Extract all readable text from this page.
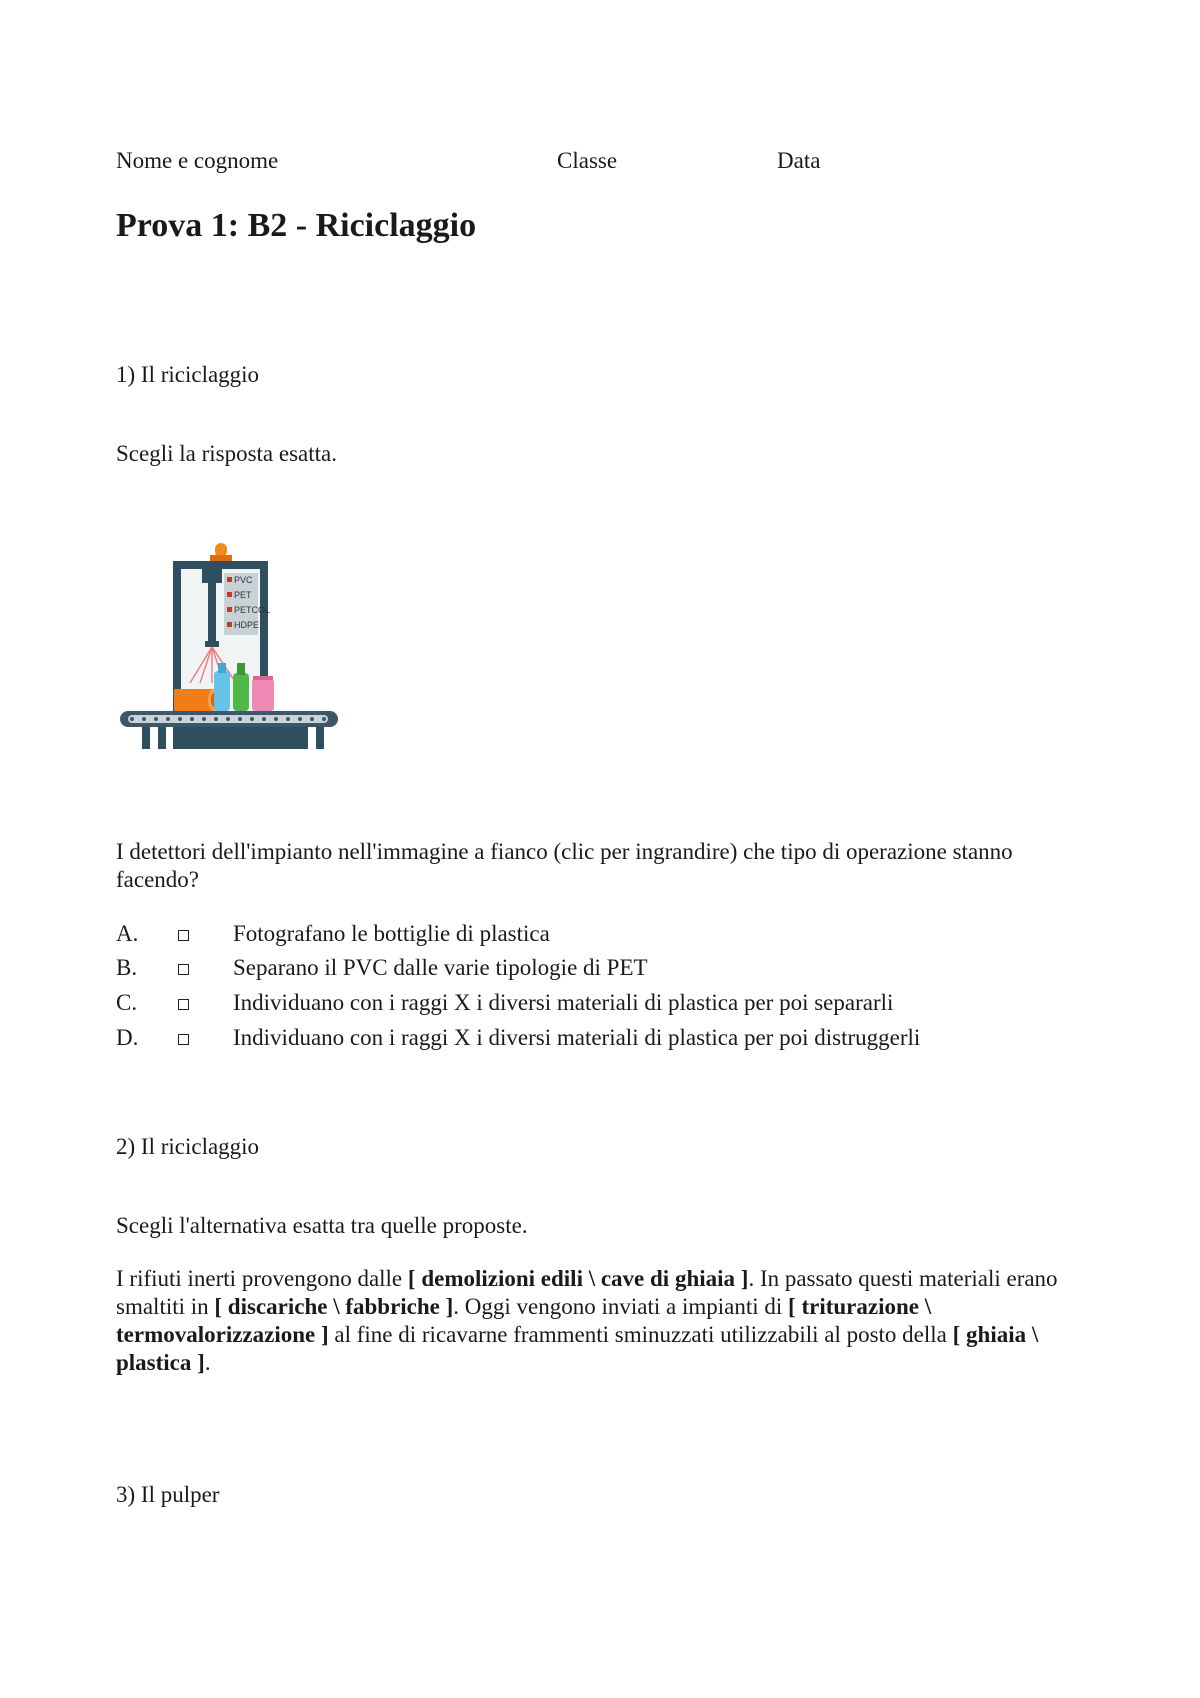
Nome e cognome	Classe	Data
Prova 1: B2 - Riciclaggio
1) Il riciclaggio
Scegli la risposta esatta.
PVC
PET
PETCOL
HDPE
I detettori dell'impianto nell'immagine a fianco (clic per ingrandire) che tipo di operazione stanno facendo?
A.	Fotografano le bottiglie di plastica
B.	Separano il PVC dalle varie tipologie di PET
C.	Individuano con i raggi X i diversi materiali di plastica per poi separarli
D.	Individuano con i raggi X i diversi materiali di plastica per poi distruggerli
2) Il riciclaggio
Scegli l'alternativa esatta tra quelle proposte.
I rifiuti inerti provengono dalle [ demolizioni edili \ cave di ghiaia ]. In passato questi materiali erano smaltiti in [ discariche \ fabbriche ]. Oggi vengono inviati a impianti di [ triturazione \ termovalorizzazione ] al fine di ricavarne frammenti sminuzzati utilizzabili al posto della [ ghiaia \ plastica ].
3) Il pulper
